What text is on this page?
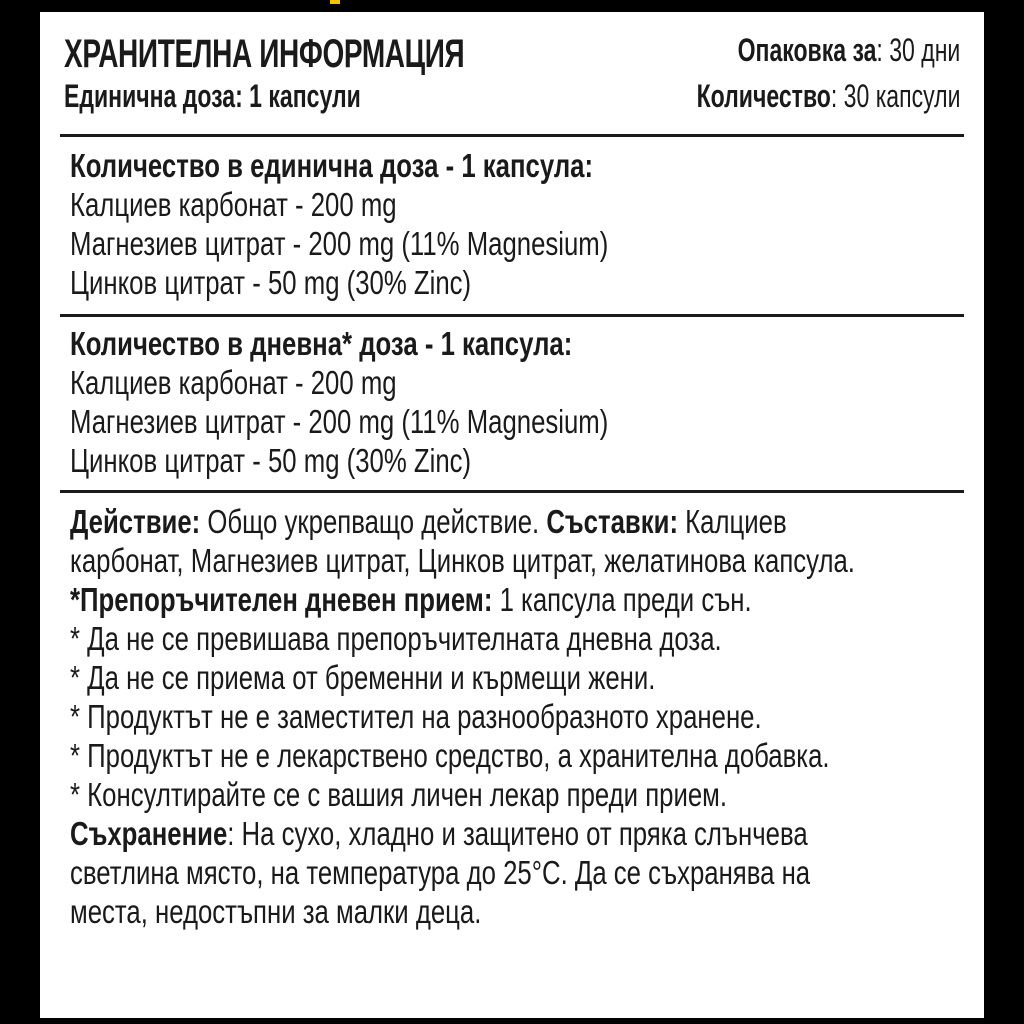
ХРАНИТЕЛНА ИНФОРМАЦИЯ	Опаковка за: 30 дни
Единична доза: 1 капсули	Количество: 30 капсули
Количество в единична доза - 1 капсула:
Калциев карбонат - 200 mg
Магнезиев цитрат - 200 mg (11% Magnesium)
Цинков цитрат - 50 mg (30% Zinc)
Количество в дневна* доза - 1 капсула:
Калциев карбонат - 200 mg
Магнезиев цитрат - 200 mg (11% Magnesium)
Цинков цитрат - 50 mg (30% Zinc)
Действие: Общо укрепващо действие. Съставки: Калциев
карбонат, Магнезиев цитрат, Цинков цитрат, желатинова капсула.
*Препоръчителен дневен прием: 1 капсула преди сън.
* Да не се превишава препоръчителната дневна доза.
* Да не се приема от бременни и кърмещи жени.
* Продуктът не е заместител на разнообразното хранене.
* Продуктът не е лекарствено средство, а хранителна добавка.
* Консултирайте се с вашия личен лекар преди прием.
Съхранение: На сухо, хладно и защитено от пряка слънчева
светлина място, на температура до 25°С. Да се съхранява на
места, недостъпни за малки деца.
